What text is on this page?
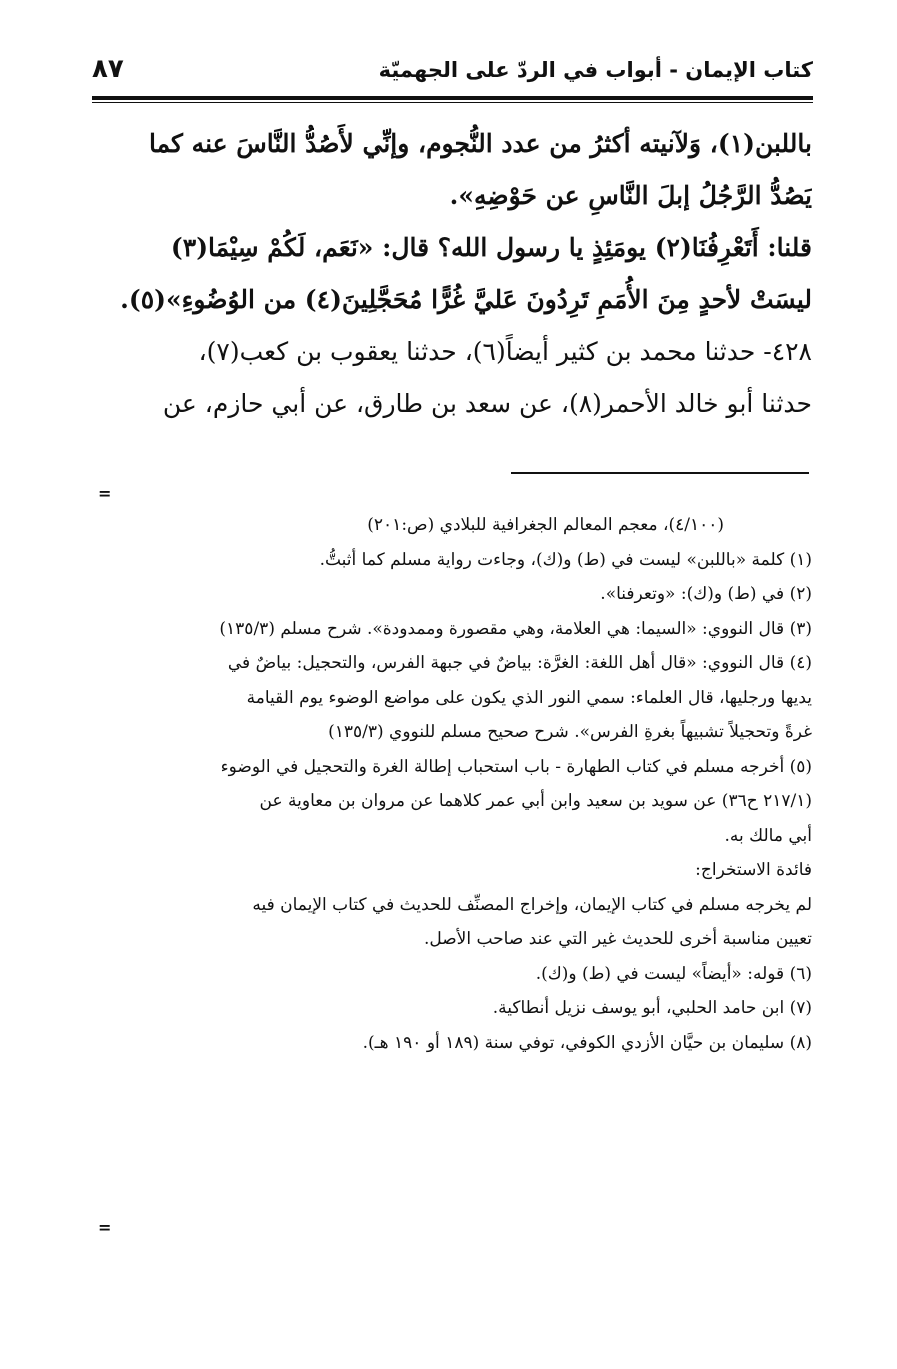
كتاب الإيمان - أبواب في الردّ على الجهميّة
٨٧
باللبن(١)، وَلآنيته أكثرُ من عدد النُّجوم، وإنِّي لأَصُدُّ النَّاسَ عنه كما
يَصُدُّ الرَّجُلُ إبلَ النَّاسِ عن حَوْضِهِ».
قلنا: أَتَعْرِفُنَا(٢) يومَئِذٍ يا رسول الله؟ قال: «نَعَم، لَكُمْ سِيْمَا(٣)
ليسَتْ لأحدٍ مِنَ الأُمَمِ تَرِدُونَ عَليَّ غُرًّا مُحَجَّلِينَ(٤) من الوُضُوءِ»(٥).
٤٢٨- حدثنا محمد بن كثير أيضاً(٦)، حدثنا يعقوب بن كعب(٧)،
حدثنا أبو خالد الأحمر(٨)، عن سعد بن طارق، عن أبي حازم، عن
=
(٤/١٠٠)، معجم المعالم الجغرافية للبلادي (ص:٢٠١)
(١) كلمة «باللبن» ليست في (ط) و(ك)، وجاءت رواية مسلم كما أثبتُّ.
(٢) في (ط) و(ك): «وتعرفنا».
(٣) قال النووي: «السيما: هي العلامة، وهي مقصورة وممدودة». شرح مسلم (١٣٥/٣)
(٤) قال النووي: «قال أهل اللغة: الغرَّة: بياضٌ في جبهة الفرس، والتحجيل: بياضٌ في
يديها ورجليها، قال العلماء: سمي النور الذي يكون على مواضع الوضوء يوم القيامة
غرةً وتحجيلاً تشبيهاً بغرةِ الفرس». شرح صحيح مسلم للنووي (١٣٥/٣)
(٥) أخرجه مسلم في كتاب الطهارة - باب استحباب إطالة الغرة والتحجيل في الوضوء
(٢١٧/١ ح٣٦) عن سويد بن سعيد وابن أبي عمر كلاهما عن مروان بن معاوية عن
أبي مالك به.
فائدة الاستخراج:
لم يخرجه مسلم في كتاب الإيمان، وإخراج المصنِّف للحديث في كتاب الإيمان فيه
تعيين مناسبة أخرى للحديث غير التي عند صاحب الأصل.
(٦) قوله: «أيضاً» ليست في (ط) و(ك).
(٧) ابن حامد الحلبي، أبو يوسف نزيل أنطاكية.
(٨) سليمان بن حيَّان الأزدي الكوفي، توفي سنة (١٨٩ أو ١٩٠ هـ).
=
